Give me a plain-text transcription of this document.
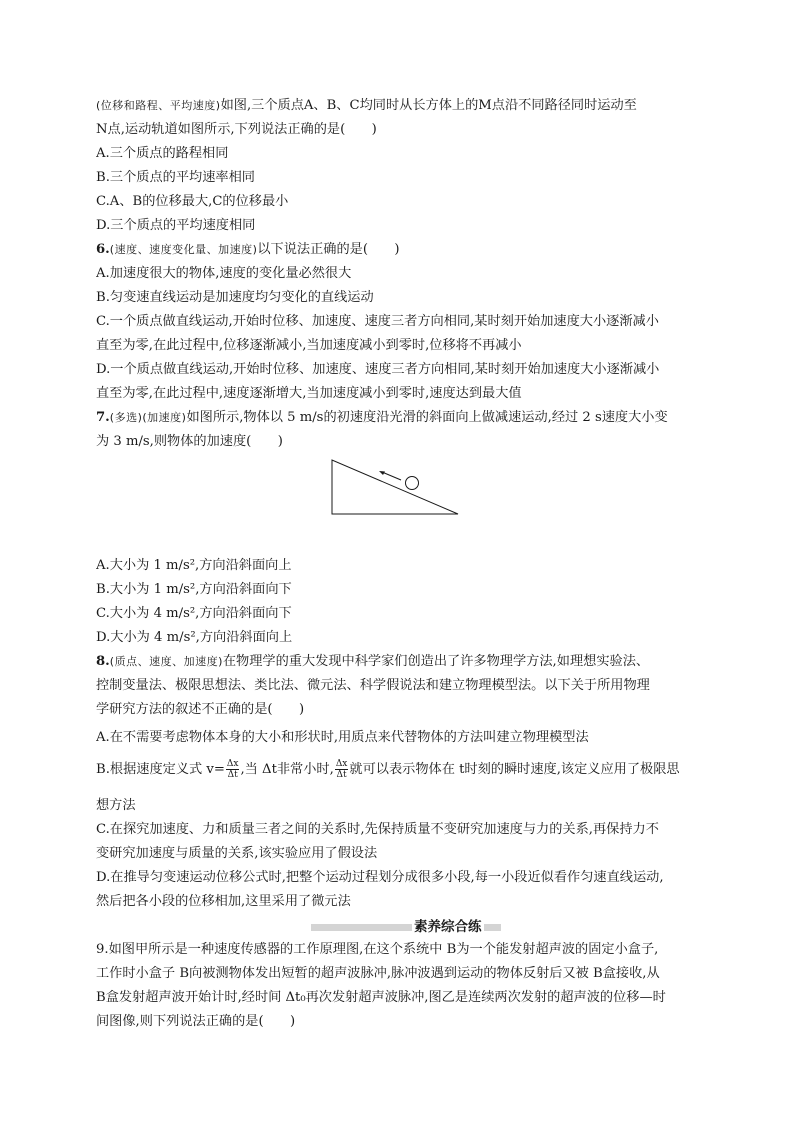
(位移和路程、平均速度)如图,三个质点A、B、C均同时从长方体上的M点沿不同路径同时运动至
N点,运动轨道如图所示,下列说法正确的是(　　)
A.三个质点的路程相同
B.三个质点的平均速率相同
C.A、B的位移最大,C的位移最小
D.三个质点的平均速度相同
6.(速度、速度变化量、加速度)以下说法正确的是(　　)
A.加速度很大的物体,速度的变化量必然很大
B.匀变速直线运动是加速度均匀变化的直线运动
C.一个质点做直线运动,开始时位移、加速度、速度三者方向相同,某时刻开始加速度大小逐渐减小
直至为零,在此过程中,位移逐渐减小,当加速度减小到零时,位移将不再减小
D.一个质点做直线运动,开始时位移、加速度、速度三者方向相同,某时刻开始加速度大小逐渐减小
直至为零,在此过程中,速度逐渐增大,当加速度减小到零时,速度达到最大值
7.(多选)(加速度)如图所示,物体以 5 m/s的初速度沿光滑的斜面向上做减速运动,经过 2 s速度大小变
为 3 m/s,则物体的加速度(　　)
A.大小为 1 m/s²,方向沿斜面向上
B.大小为 1 m/s²,方向沿斜面向下
C.大小为 4 m/s²,方向沿斜面向下
D.大小为 4 m/s²,方向沿斜面向上
8.(质点、速度、加速度)在物理学的重大发现中科学家们创造出了许多物理学方法,如理想实验法、
控制变量法、极限思想法、类比法、微元法、科学假说法和建立物理模型法。以下关于所用物理
学研究方法的叙述不正确的是(　　)
A.在不需要考虑物体本身的大小和形状时,用质点来代替物体的方法叫建立物理模型法
B.根据速度定义式 $v= \frac{\Delta x}{\Delta t}$ ,当 Δt非常小时, $\frac{\Delta x}{\Delta t}$ 就可以表示物体在 t时刻的瞬时速度,该定义应用了极限思
想方法
C.在探究加速度、力和质量三者之间的关系时,先保持质量不变研究加速度与力的关系,再保持力不
变研究加速度与质量的关系,该实验应用了假设法
D.在推导匀变速运动位移公式时,把整个运动过程划分成很多小段,每一小段近似看作匀速直线运动,
然后把各小段的位移相加,这里采用了微元法
素养综合练
9.如图甲所示是一种速度传感器的工作原理图,在这个系统中 B为一个能发射超声波的固定小盒子,
工作时小盒子 B向被测物体发出短暂的超声波脉冲,脉冲波遇到运动的物体反射后又被 B盒接收,从
B盒发射超声波开始计时,经时间 Δt₀再次发射超声波脉冲,图乙是连续两次发射的超声波的位移—时
间图像,则下列说法正确的是(　　)
